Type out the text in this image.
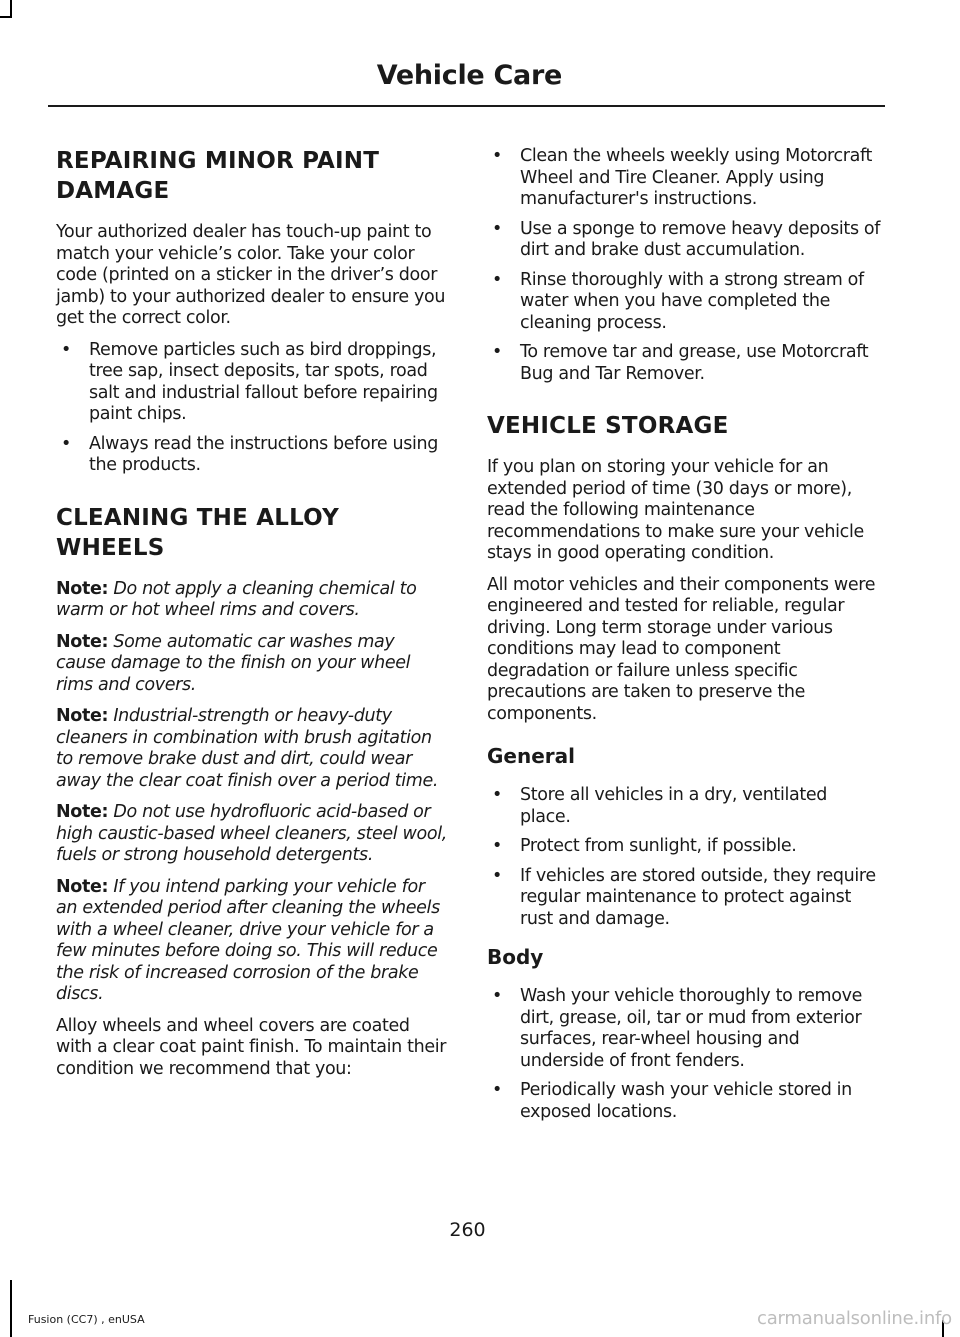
Vehicle Care
REPAIRING MINOR PAINT DAMAGE

Your authorized dealer has touch-up paint to match your vehicle’s color. Take your color code (printed on a sticker in the driver’s door jamb) to your authorized dealer to ensure you get the correct color.

• Remove particles such as bird droppings, tree sap, insect deposits, tar spots, road salt and industrial fallout before repairing paint chips.
• Always read the instructions before using the products.
CLEANING THE ALLOY WHEELS

Note: Do not apply a cleaning chemical to warm or hot wheel rims and covers.

Note: Some automatic car washes may cause damage to the finish on your wheel rims and covers.

Note: Industrial-strength or heavy-duty cleaners in combination with brush agitation to remove brake dust and dirt, could wear away the clear coat finish over a period time.

Note: Do not use hydrofluoric acid-based or high caustic-based wheel cleaners, steel wool, fuels or strong household detergents.

Note: If you intend parking your vehicle for an extended period after cleaning the wheels with a wheel cleaner, drive your vehicle for a few minutes before doing so. This will reduce the risk of increased corrosion of the brake discs.

Alloy wheels and wheel covers are coated with a clear coat paint finish. To maintain their condition we recommend that you:

• Clean the wheels weekly using Motorcraft Wheel and Tire Cleaner. Apply using manufacturer's instructions.
• Use a sponge to remove heavy deposits of dirt and brake dust accumulation.
• Rinse thoroughly with a strong stream of water when you have completed the cleaning process.
• To remove tar and grease, use Motorcraft Bug and Tar Remover.
VEHICLE STORAGE

If you plan on storing your vehicle for an extended period of time (30 days or more), read the following maintenance recommendations to make sure your vehicle stays in good operating condition.

All motor vehicles and their components were engineered and tested for reliable, regular driving. Long term storage under various conditions may lead to component degradation or failure unless specific precautions are taken to preserve the components.

General
• Store all vehicles in a dry, ventilated place.
• Protect from sunlight, if possible.
• If vehicles are stored outside, they require regular maintenance to protect against rust and damage.
Body
• Wash your vehicle thoroughly to remove dirt, grease, oil, tar or mud from exterior surfaces, rear-wheel housing and underside of front fenders.
• Periodically wash your vehicle stored in exposed locations.
260
Fusion (CC7) , enUSA	carmanualsonline.info
